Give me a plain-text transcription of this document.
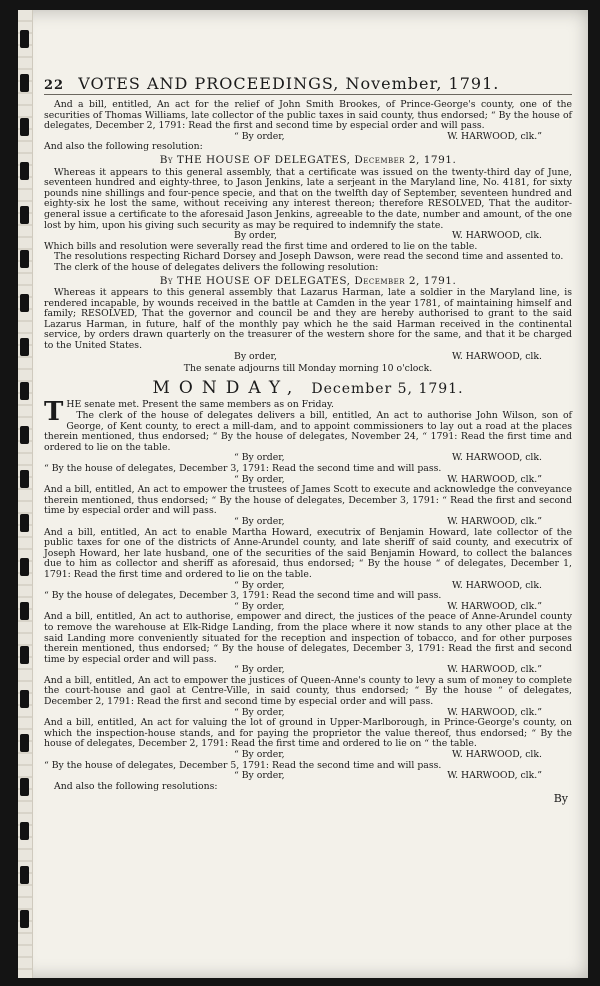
22 VOTES AND PROCEEDINGS, November, 1791.

And a bill, entitled, An act for the relief of John Smith Brookes, of Prince-George's county, one of the securities of Thomas Williams, late collector of the public taxes in said county, thus endorsed; “ By the house of delegates, December 2, 1791: Read the first and second time by especial order and will pass.

“ By order,	W. HARWOOD, clk.”

And also the following resolution:

By THE HOUSE OF DELEGATES, December 2, 1791.

Whereas it appears to this general assembly, that a certificate was issued on the twenty-third day of June, seventeen hundred and eighty-three, to Jason Jenkins, late a serjeant in the Maryland line, No. 4181, for sixty pounds nine shillings and four-pence specie, and that on the twelfth day of September, seventeen hundred and eighty-six he lost the same, without receiving any interest thereon; therefore RESOLVED, That the auditor-general issue a certificate to the aforesaid Jason Jenkins, agreeable to the date, number and amount, of the one lost by him, upon his giving such security as may be required to indemnify the state.

By order,	W. HARWOOD, clk.

Which bills and resolution were severally read the first time and ordered to lie on the table.

The resolutions respecting Richard Dorsey and Joseph Dawson, were read the second time and assented to.

The clerk of the house of delegates delivers the following resolution:

By THE HOUSE OF DELEGATES, December 2, 1791.

Whereas it appears to this general assembly that Lazarus Harman, late a soldier in the Maryland line, is rendered incapable, by wounds received in the battle at Camden in the year 1781, of maintaining himself and family; RESOLVED, That the governor and council be and they are hereby authorised to grant to the said Lazarus Harman, in future, half of the monthly pay which he the said Harman received in the continental service, by orders drawn quarterly on the treasurer of the western shore for the same, and that it be charged to the United States.

By order,	W. HARWOOD, clk.

The senate adjourns till Monday morning 10 o'clock.

MONDAY, December 5, 1791.

THE senate met. Present the same members as on Friday.

The clerk of the house of delegates delivers a bill, entitled, An act to authorise John Wilson, son of George, of Kent county, to erect a mill-dam, and to appoint commissioners to lay out a road at the places therein mentioned, thus endorsed; “ By the house of delegates, November 24, “ 1791: Read the first time and ordered to lie on the table.

“ By order,	W. HARWOOD, clk.

“ By the house of delegates, December 3, 1791: Read the second time and will pass.

“ By order,	W. HARWOOD, clk.”

And a bill, entitled, An act to empower the trustees of James Scott to execute and acknowledge the conveyance therein mentioned, thus endorsed; “ By the house of delegates, December 3, 1791: “ Read the first and second time by especial order and will pass.

“ By order,	W. HARWOOD, clk.”

And a bill, entitled, An act to enable Martha Howard, executrix of Benjamin Howard, late collector of the public taxes for one of the districts of Anne-Arundel county, and late sheriff of said county, and executrix of Joseph Howard, her late husband, one of the securities of the said Benjamin Howard, to collect the balances due to him as collector and sheriff as aforesaid, thus endorsed; “ By the house “ of delegates, December 1, 1791: Read the first time and ordered to lie on the table.

“ By order,	W. HARWOOD, clk.

“ By the house of delegates, December 3, 1791: Read the second time and will pass.

“ By order,	W. HARWOOD, clk.”

And a bill, entitled, An act to authorise, empower and direct, the justices of the peace of Anne-Arundel county to remove the warehouse at Elk-Ridge Landing, from the place where it now stands to any other place at the said Landing more conveniently situated for the reception and inspection of tobacco, and for other purposes therein mentioned, thus endorsed; “ By the house of delegates, December 3, 1791: Read the first and second time by especial order and will pass.

“ By order,	W. HARWOOD, clk.”

And a bill, entitled, An act to empower the justices of Queen-Anne's county to levy a sum of money to complete the court-house and gaol at Centre-Ville, in said county, thus endorsed; “ By the house “ of delegates, December 2, 1791: Read the first and second time by especial order and will pass.

“ By order,	W. HARWOOD, clk.”

And a bill, entitled, An act for valuing the lot of ground in Upper-Marlborough, in Prince-George's county, on which the inspection-house stands, and for paying the proprietor the value thereof, thus endorsed; “ By the house of delegates, December 2, 1791: Read the first time and ordered to lie on “ the table.

“ By order,	W. HARWOOD, clk.

“ By the house of delegates, December 5, 1791: Read the second time and will pass.

“ By order,	W. HARWOOD, clk.”

And also the following resolutions:

By
